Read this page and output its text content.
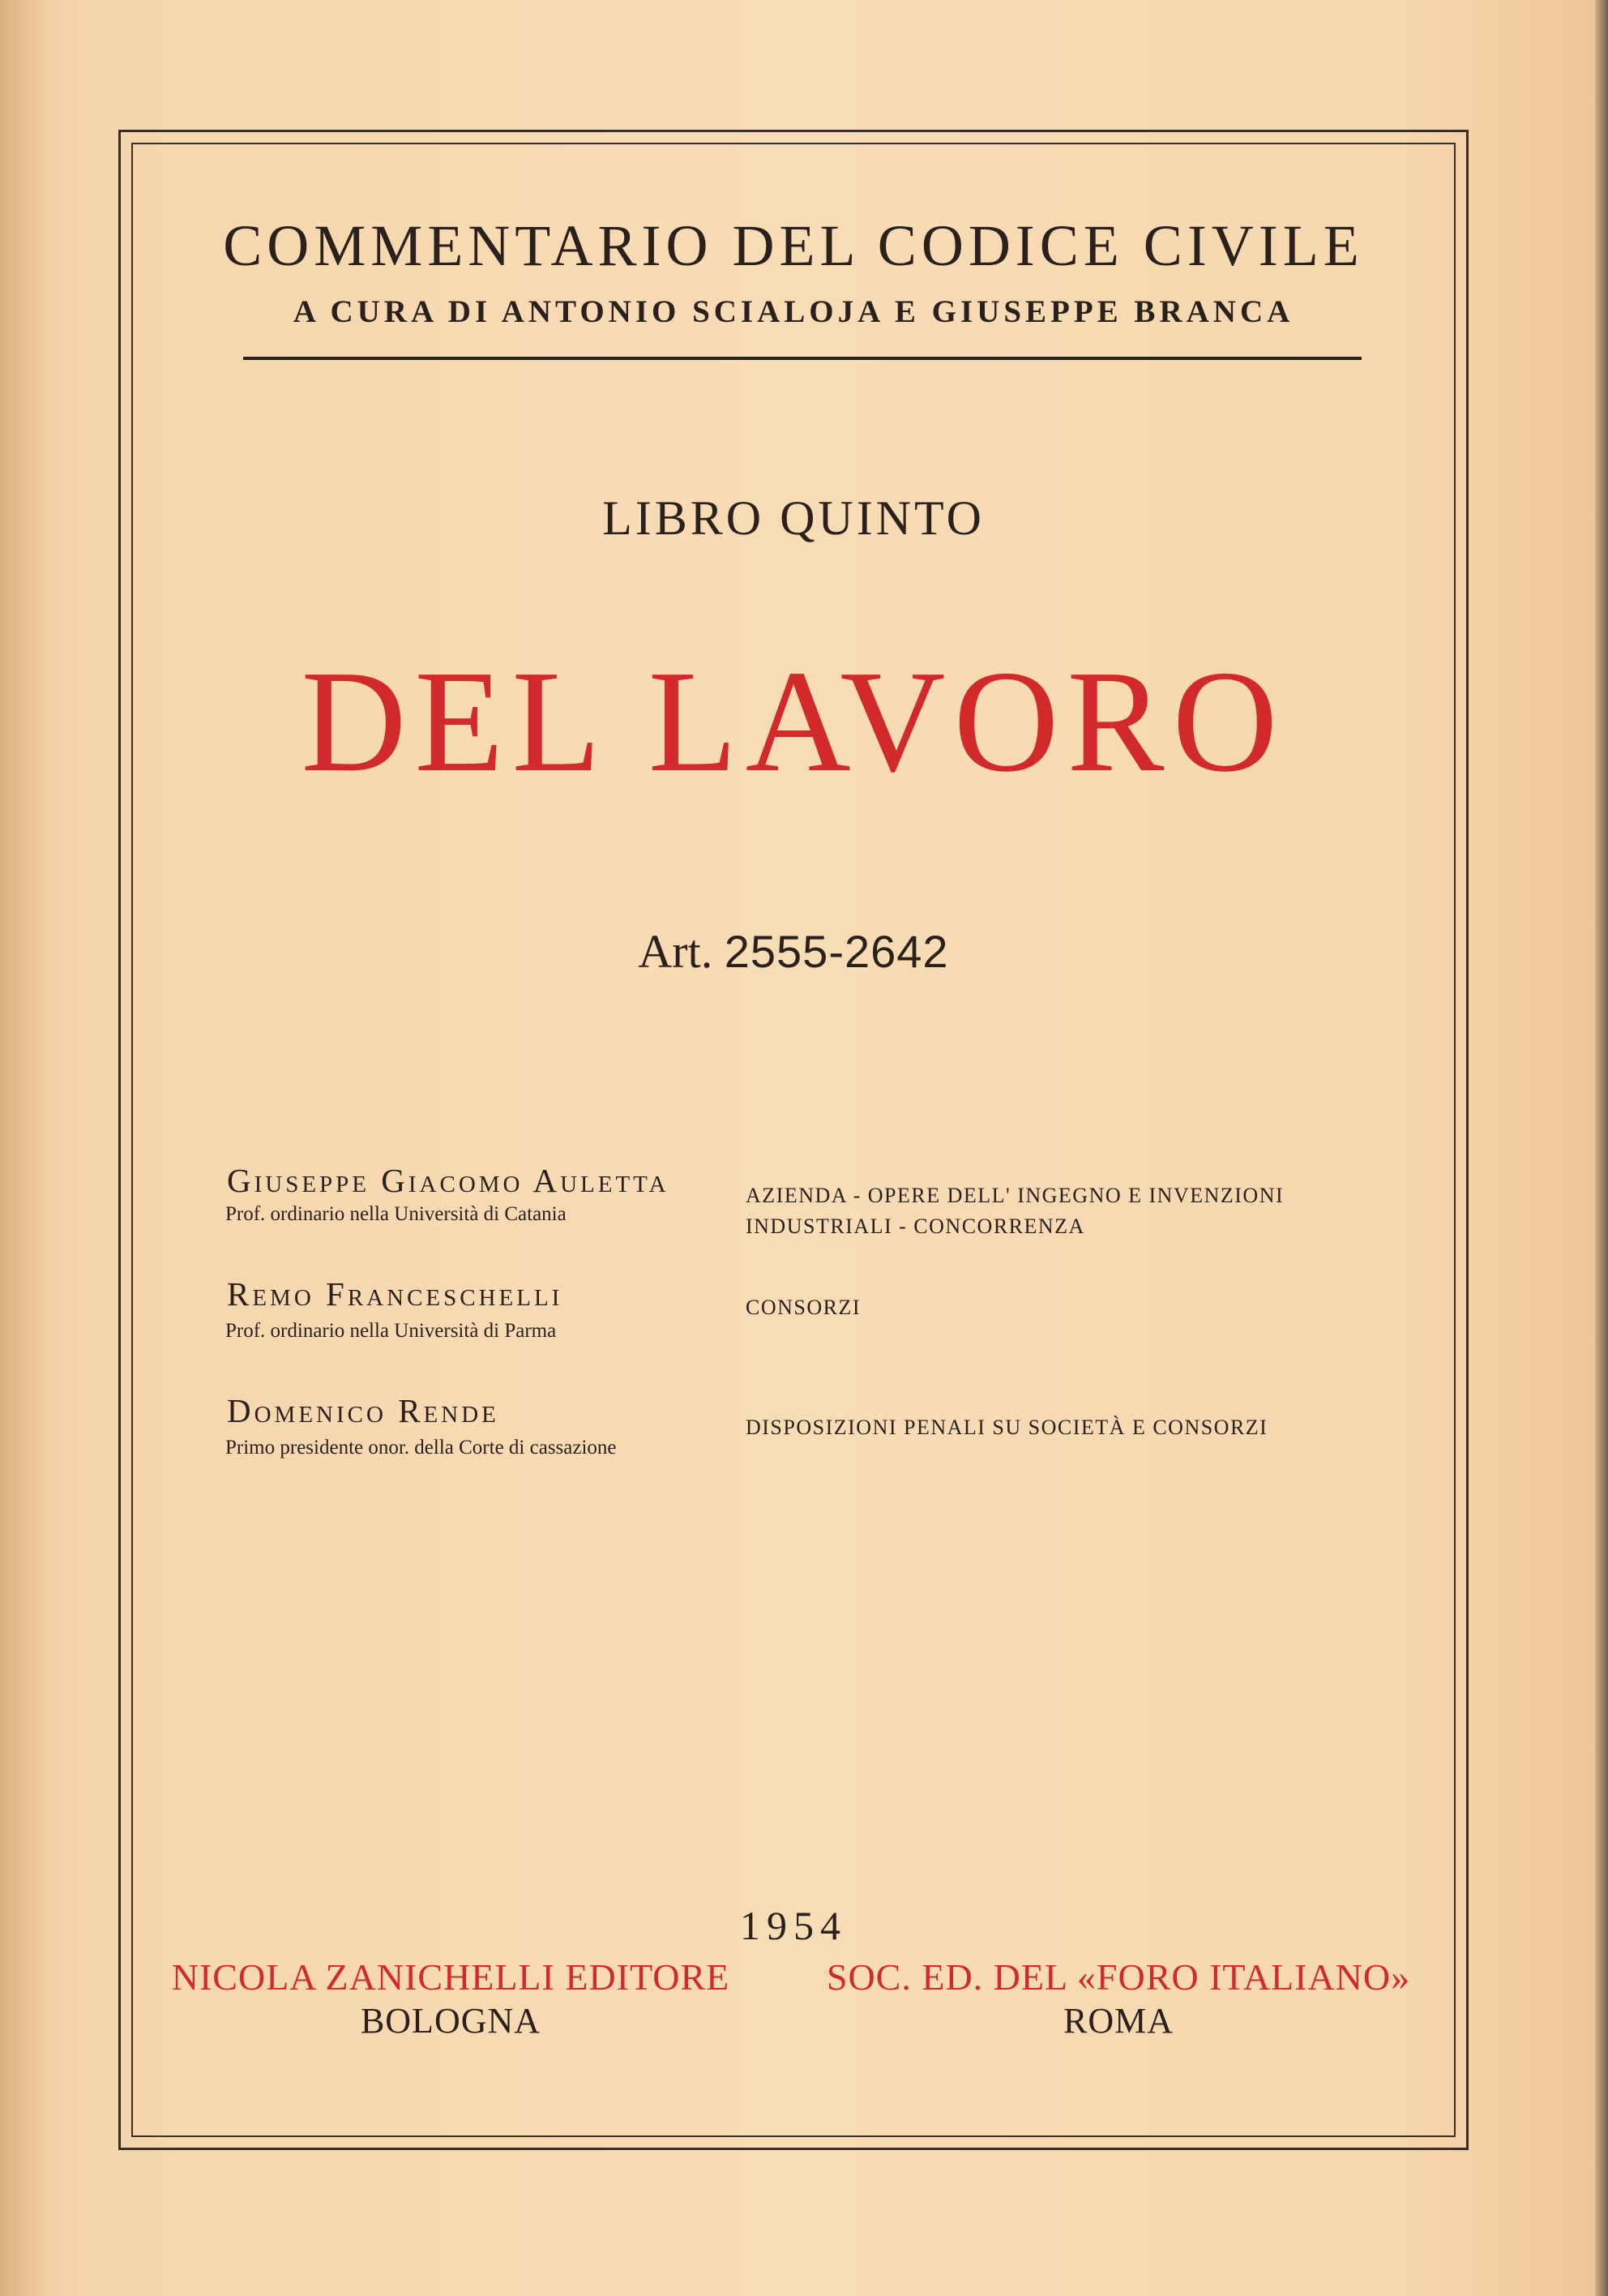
COMMENTARIO DEL CODICE CIVILE
A CURA DI ANTONIO SCIALOJA E GIUSEPPE BRANCA
LIBRO QUINTO
DEL LAVORO
Art. 2555-2642
Giuseppe Giacomo Auletta
Prof. ordinario nella Università di Catania
AZIENDA - OPERE DELL' INGEGNO E INVENZIONI
INDUSTRIALI - CONCORRENZA
Remo Franceschelli
Prof. ordinario nella Università di Parma
CONSORZI
Domenico Rende
Primo presidente onor. della Corte di cassazione
DISPOSIZIONI PENALI SU SOCIETÀ E CONSORZI
1954
NICOLA ZANICHELLI EDITORE
BOLOGNA
SOC. ED. DEL «FORO ITALIANO»
ROMA
